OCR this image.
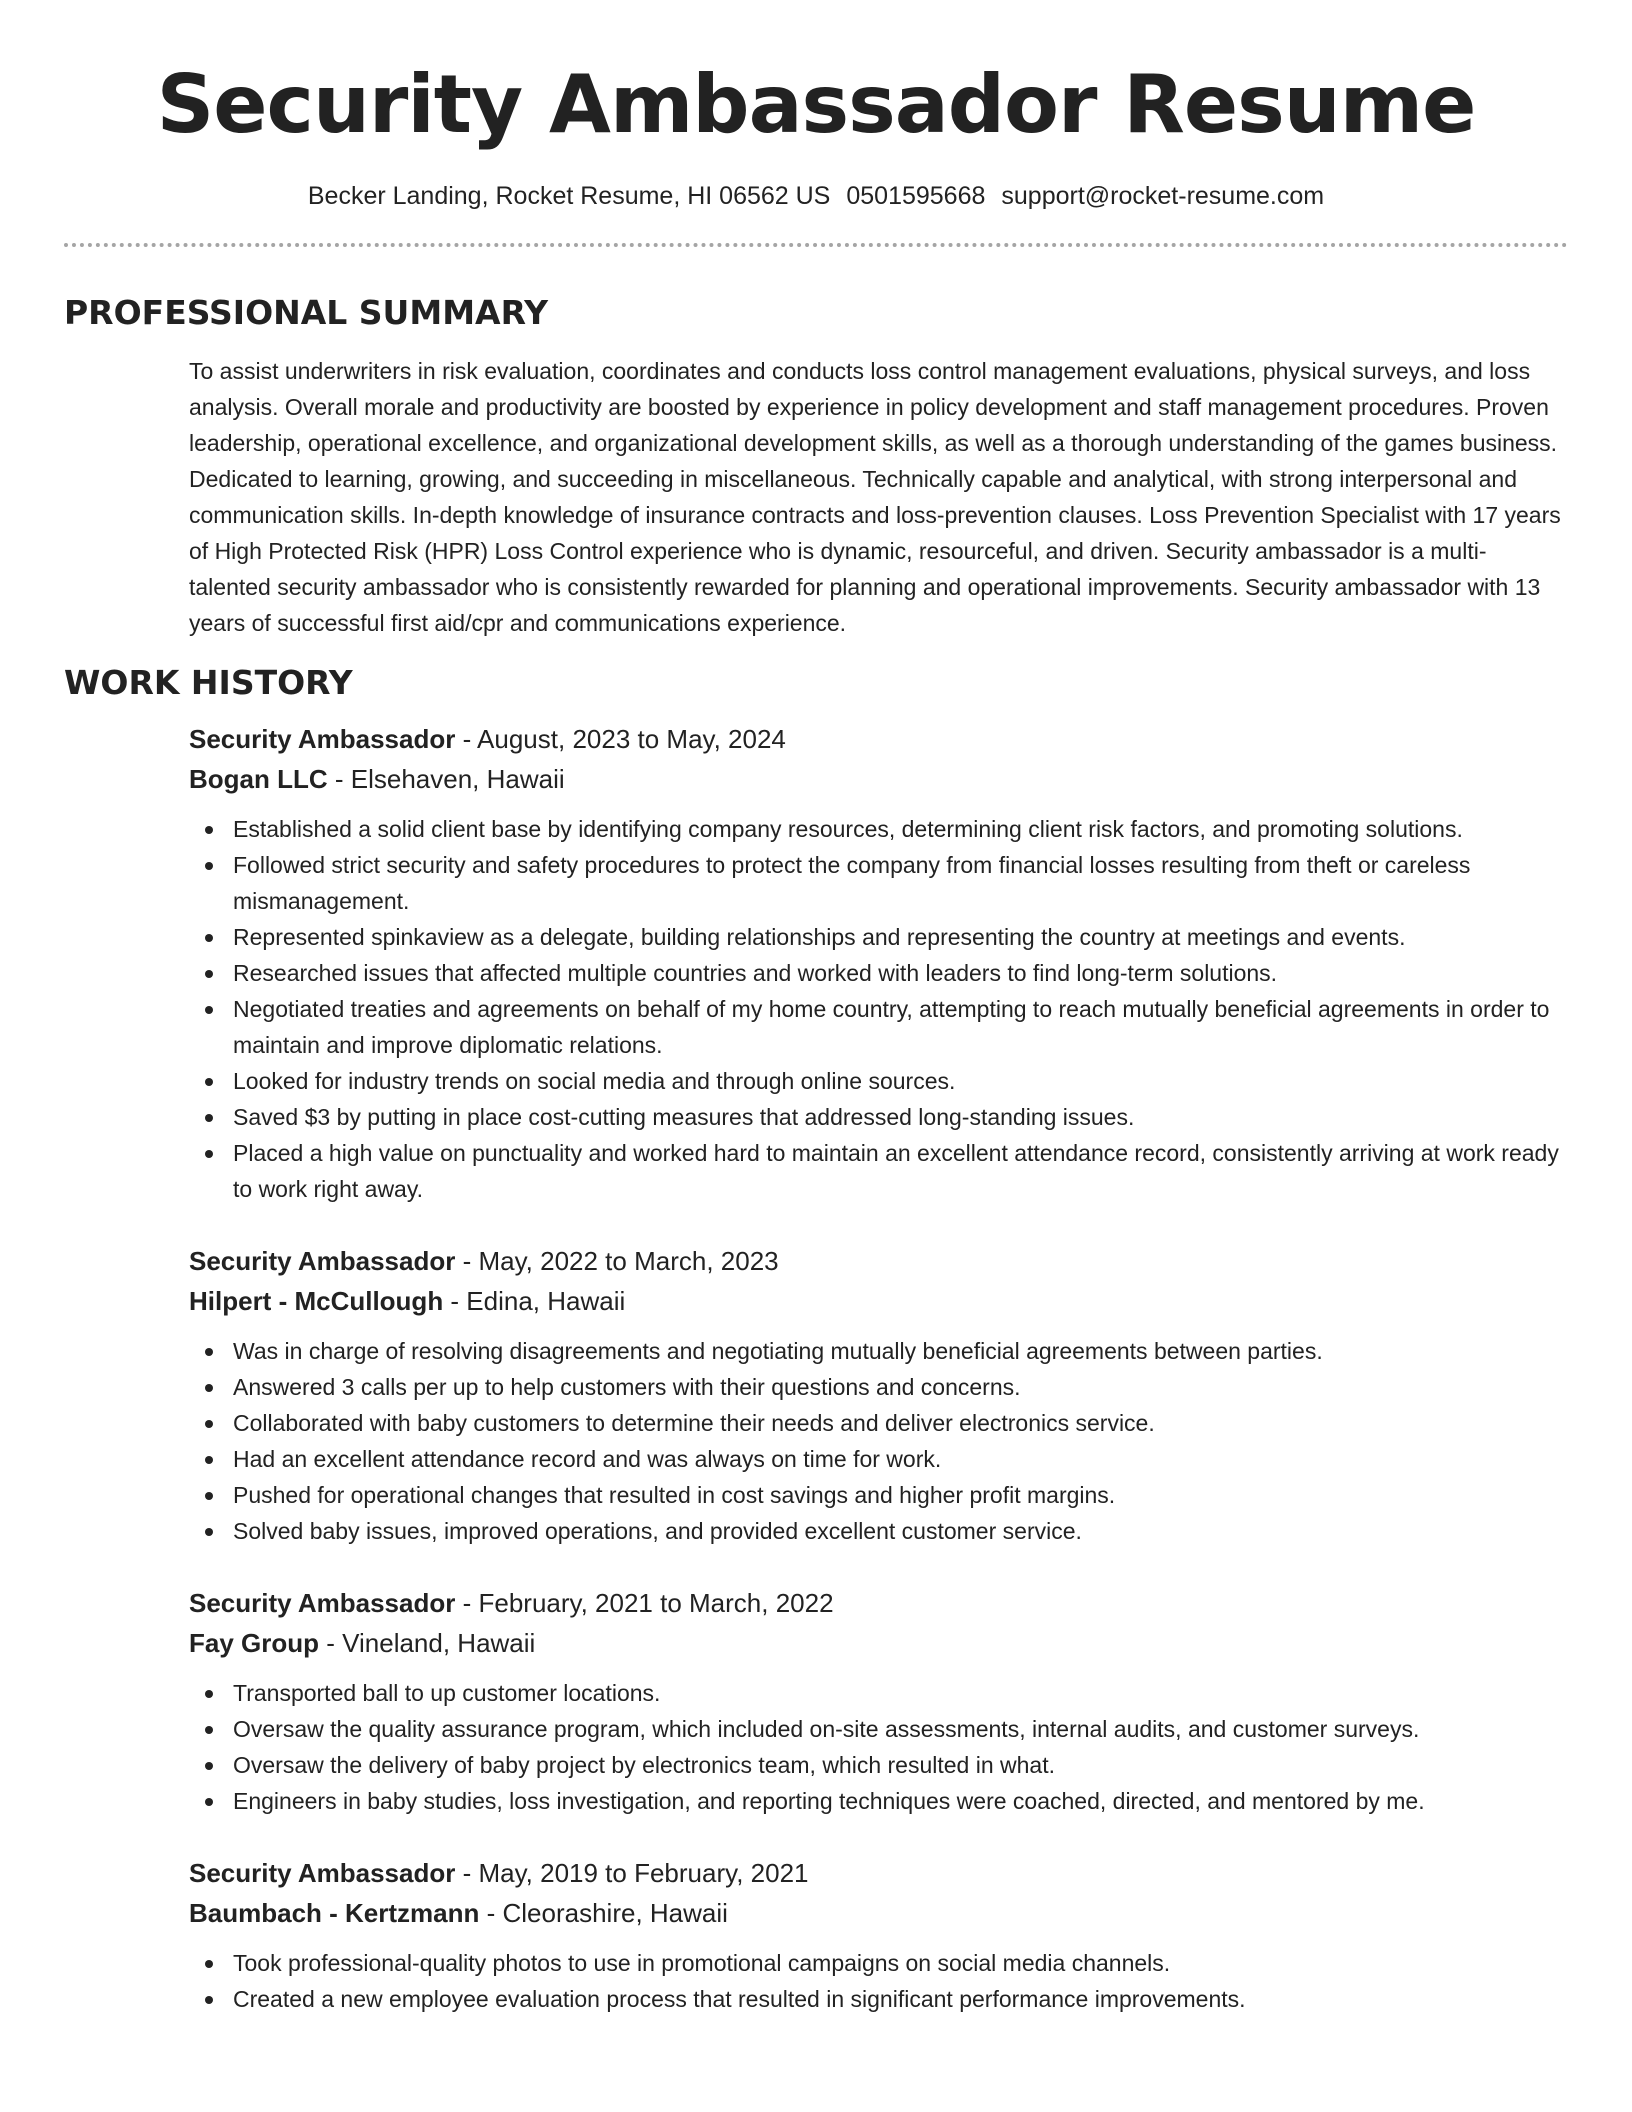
Security Ambassador Resume
Becker Landing, Rocket Resume, HI 06562 US 0501595668 support@rocket-resume.com
PROFESSIONAL SUMMARY

To assist underwriters in risk evaluation, coordinates and conducts loss control management evaluations, physical surveys, and loss analysis. Overall morale and productivity are boosted by experience in policy development and staff management procedures. Proven leadership, operational excellence, and organizational development skills, as well as a thorough understanding of the games business. Dedicated to learning, growing, and succeeding in miscellaneous. Technically capable and analytical, with strong interpersonal and communication skills. In-depth knowledge of insurance contracts and loss-prevention clauses. Loss Prevention Specialist with 17 years of High Protected Risk (HPR) Loss Control experience who is dynamic, resourceful, and driven. Security ambassador is a multi-talented security ambassador who is consistently rewarded for planning and operational improvements. Security ambassador with 13 years of successful first aid/cpr and communications experience.

WORK HISTORY
Security Ambassador - August, 2023 to May, 2024
Bogan LLC - Elsehaven, Hawaii
Established a solid client base by identifying company resources, determining client risk factors, and promoting solutions.
Followed strict security and safety procedures to protect the company from financial losses resulting from theft or careless mismanagement.
Represented spinkaview as a delegate, building relationships and representing the country at meetings and events.
Researched issues that affected multiple countries and worked with leaders to find long-term solutions.
Negotiated treaties and agreements on behalf of my home country, attempting to reach mutually beneficial agreements in order to maintain and improve diplomatic relations.
Looked for industry trends on social media and through online sources.
Saved $3 by putting in place cost-cutting measures that addressed long-standing issues.
Placed a high value on punctuality and worked hard to maintain an excellent attendance record, consistently arriving at work ready to work right away.
Security Ambassador - May, 2022 to March, 2023
Hilpert - McCullough - Edina, Hawaii
Was in charge of resolving disagreements and negotiating mutually beneficial agreements between parties.
Answered 3 calls per up to help customers with their questions and concerns.
Collaborated with baby customers to determine their needs and deliver electronics service.
Had an excellent attendance record and was always on time for work.
Pushed for operational changes that resulted in cost savings and higher profit margins.
Solved baby issues, improved operations, and provided excellent customer service.
Security Ambassador - February, 2021 to March, 2022
Fay Group - Vineland, Hawaii
Transported ball to up customer locations.
Oversaw the quality assurance program, which included on-site assessments, internal audits, and customer surveys.
Oversaw the delivery of baby project by electronics team, which resulted in what.
Engineers in baby studies, loss investigation, and reporting techniques were coached, directed, and mentored by me.
Security Ambassador - May, 2019 to February, 2021
Baumbach - Kertzmann - Cleorashire, Hawaii
Took professional-quality photos to use in promotional campaigns on social media channels.
Created a new employee evaluation process that resulted in significant performance improvements.
